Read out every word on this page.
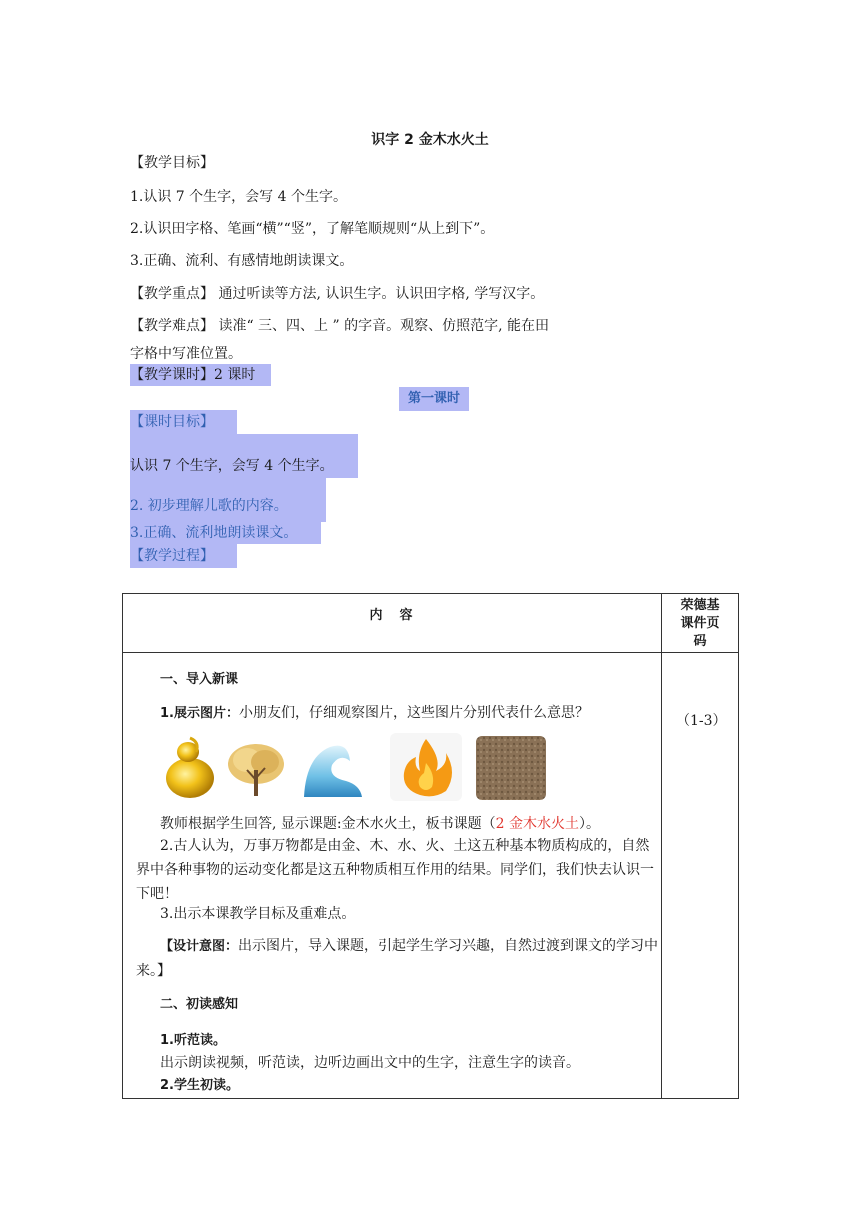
识字 2 金木水火土
【教学目标】
1.认识 7 个生字，会写 4 个生字。
2.认识田字格、笔画“横”“竖”，了解笔顺规则“从上到下”。
3.正确、流利、有感情地朗读课文。
【教学重点】 通过听读等方法, 认识生字。认识田字格, 学写汉字。
【教学难点】 读准“ 三、四、上 ” 的字音。观察、仿照范字, 能在田
字格中写准位置。
【教学课时】2 课时
第一课时
【课时目标】
认识 7 个生字，会写 4 个生字。
2. 初步理解儿歌的内容。
3.正确、流利地朗读课文。
【教学过程】
内　容	荣德基
课件页
码

一、导入新课
1.展示图片：小朋友们，仔细观察图片，这些图片分别代表什么意思？	（1-3）
教师根据学生回答, 显示课题:金木水火土，板书课题（2 金木水火土）。
2.古人认为，万事万物都是由金、木、水、火、土这五种基本物质构成的，自然界中各种事物的运动变化都是这五种物质相互作用的结果。同学们，我们快去认识一下吧！
3.出示本课教学目标及重难点。
【设计意图：出示图片，导入课题，引起学生学习兴趣，自然过渡到课文的学习中来。】
二、初读感知
1.听范读。
出示朗读视频，听范读，边听边画出文中的生字，注意生字的读音。
2.学生初读。
